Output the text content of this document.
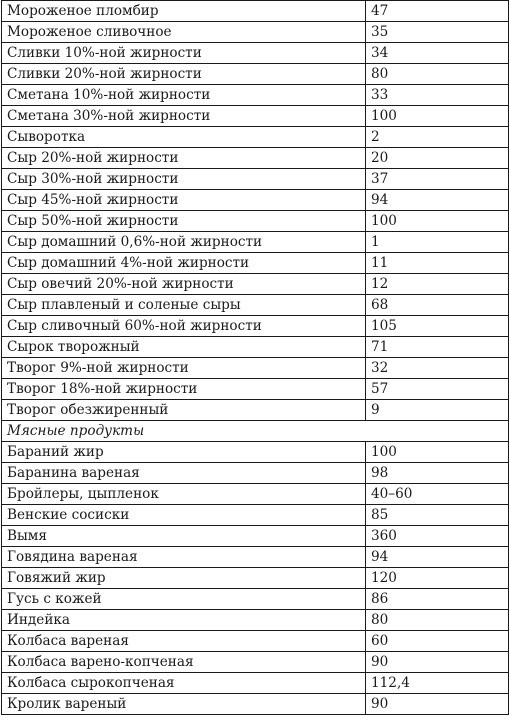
Мороженое пломбир	47
Мороженое сливочное	35
Сливки 10%-ной жирности	34
Сливки 20%-ной жирности	80
Сметана 10%-ной жирности	33
Сметана 30%-ной жирности	100
Сыворотка	2
Сыр 20%-ной жирности	20
Сыр 30%-ной жирности	37
Сыр 45%-ной жирности	94
Сыр 50%-ной жирности	100
Сыр домашний 0,6%-ной жирности	1
Сыр домашний 4%-ной жирности	11
Сыр овечий 20%-ной жирности	12
Сыр плавленый и соленые сыры	68
Сыр сливочный 60%-ной жирности	105
Сырок творожный	71
Творог 9%-ной жирности	32
Творог 18%-ной жирности	57
Творог обезжиренный	9
Мясные продукты	
Бараний жир	100
Баранина вареная	98
Бройлеры, цыпленок	40–60
Венские сосиски	85
Вымя	360
Говядина вареная	94
Говяжий жир	120
Гусь с кожей	86
Индейка	80
Колбаса вареная	60
Колбаса варено-копченая	90
Колбаса сырокопченая	112,4
Кролик вареный	90
